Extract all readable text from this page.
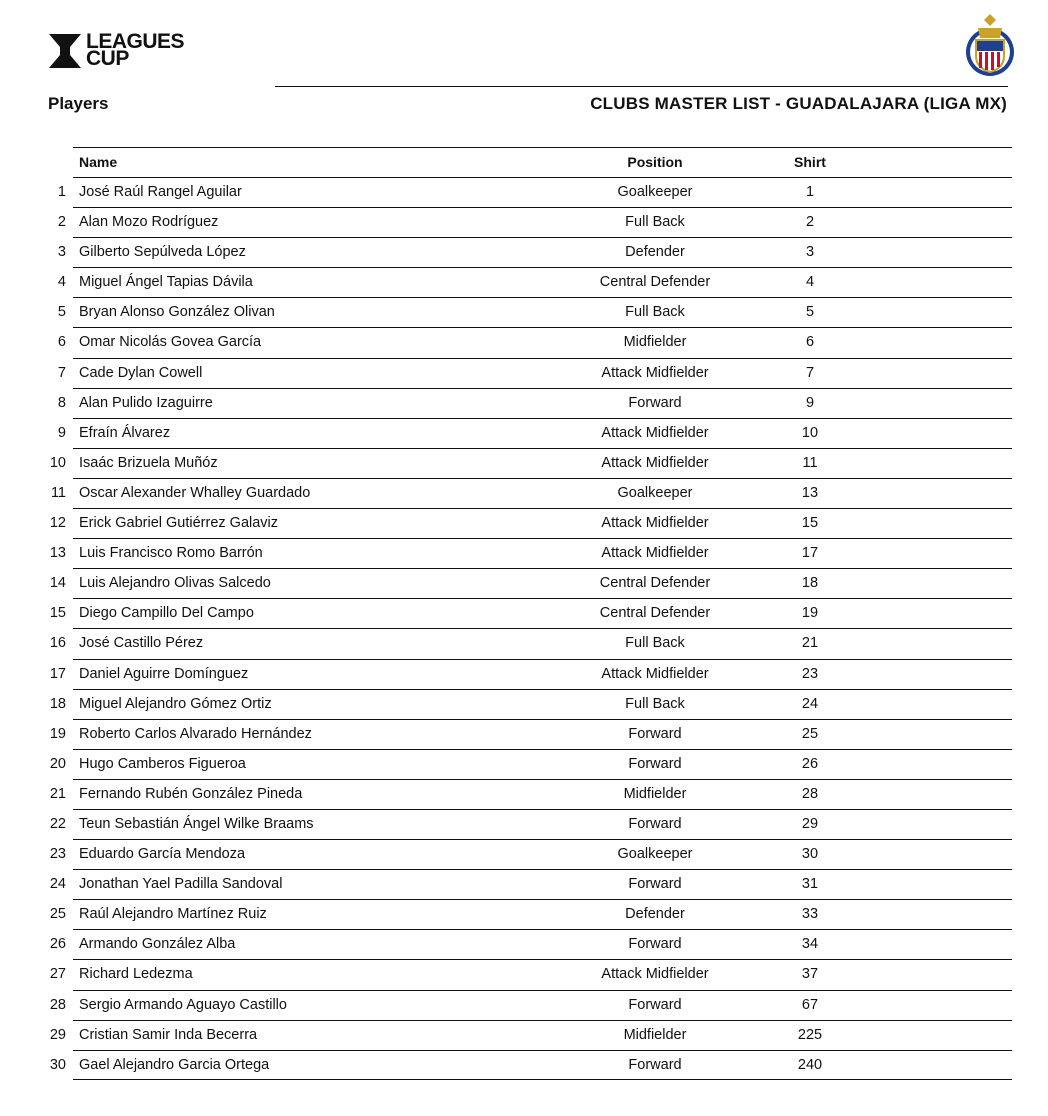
LEAGUES
CUP
Players	CLUBS MASTER LIST - GUADALAJARA (LIGA MX)
Name	Position	Shirt
1 José Raúl Rangel Aguilar	Goalkeeper	1
2 Alan Mozo Rodríguez	Full Back	2
3 Gilberto Sepúlveda López	Defender	3
4 Miguel Ángel Tapias Dávila	Central Defender	4
5 Bryan Alonso González Olivan	Full Back	5
6 Omar Nicolás Govea García	Midfielder	6
7 Cade Dylan Cowell	Attack Midfielder	7
8 Alan Pulido Izaguirre	Forward	9
9 Efraín Álvarez	Attack Midfielder	10
10 Isaác Brizuela Muñóz	Attack Midfielder	11
11 Oscar Alexander Whalley Guardado	Goalkeeper	13
12 Erick Gabriel Gutiérrez Galaviz	Attack Midfielder	15
13 Luis Francisco Romo Barrón	Attack Midfielder	17
14 Luis Alejandro Olivas Salcedo	Central Defender	18
15 Diego Campillo Del Campo	Central Defender	19
16 José Castillo Pérez	Full Back	21
17 Daniel Aguirre Domínguez	Attack Midfielder	23
18 Miguel Alejandro Gómez Ortiz	Full Back	24
19 Roberto Carlos Alvarado Hernández	Forward	25
20 Hugo Camberos Figueroa	Forward	26
21 Fernando Rubén González Pineda	Midfielder	28
22 Teun Sebastián Ángel Wilke Braams	Forward	29
23 Eduardo García Mendoza	Goalkeeper	30
24 Jonathan Yael Padilla Sandoval	Forward	31
25 Raúl Alejandro Martínez Ruiz	Defender	33
26 Armando González Alba	Forward	34
27 Richard Ledezma	Attack Midfielder	37
28 Sergio Armando Aguayo Castillo	Forward	67
29 Cristian Samir Inda Becerra	Midfielder	225
30 Gael Alejandro Garcia Ortega	Forward	240
